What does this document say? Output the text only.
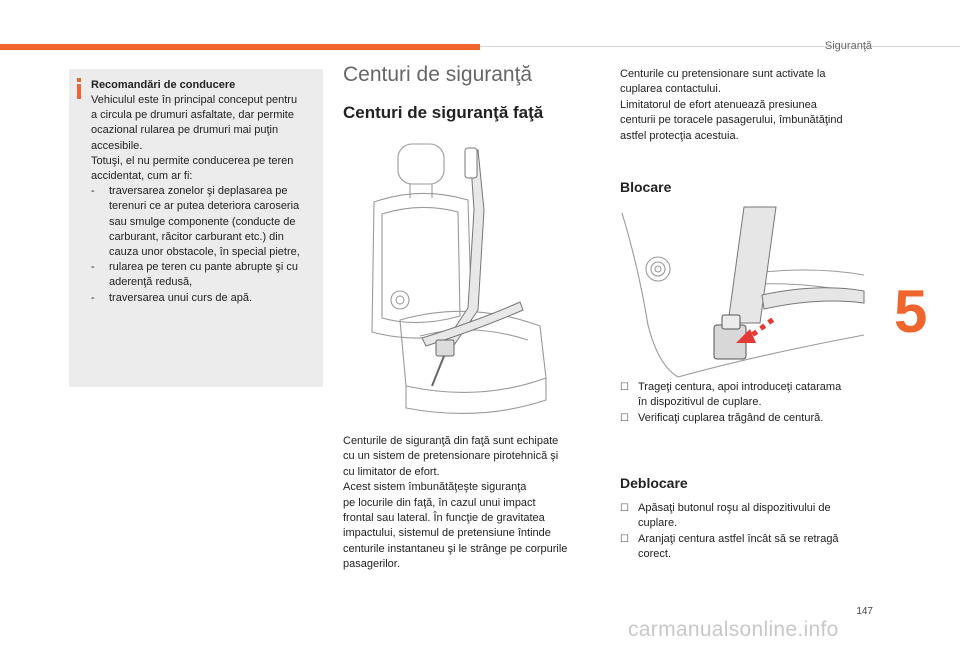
Siguranţă
5
Recomandări de conducere

Vehiculul este în principal conceput pentru

a circula pe drumuri asfaltate, dar permite

ocazional rularea pe drumuri mai puţin

accesibile.

Totuşi, el nu permite conducerea pe teren

accidentat, cum ar fi:

- traversarea zonelor şi deplasarea pe

terenuri ce ar putea deteriora caroseria

sau smulge componente (conducte de

carburant, răcitor carburant etc.) din

cauza unor obstacole, în special pietre,

- rularea pe teren cu pante abrupte şi cu

aderenţă redusă,

- traversarea unui curs de apă.

Centuri de siguranţă
Centuri de siguranţă faţă

Centurile de siguranţă din faţă sunt echipate

cu un sistem de pretensionare pirotehnică şi

cu limitator de efort.

Acest sistem îmbunătăţeşte siguranţa

pe locurile din faţă, în cazul unui impact

frontal sau lateral. În funcţie de gravitatea

impactului, sistemul de pretensiune întinde

centurile instantaneu şi le strânge pe corpurile

pasagerilor.

Centurile cu pretensionare sunt activate la

cuplarea contactului.

Limitatorul de efort atenuează presiunea

centurii pe toracele pasagerului, îmbunătăţind

astfel protecţia acestuia.

Blocare
☐ Trageţi centura, apoi introduceţi catarama
în dispozitivul de cuplare.
☐ Verificaţi cuplarea trăgând de centură.
Deblocare
☐ Apăsaţi butonul roşu al dispozitivului de
cuplare.
☐ Aranjaţi centura astfel încât să se retragă
corect.
147
carmanualsonline.info
